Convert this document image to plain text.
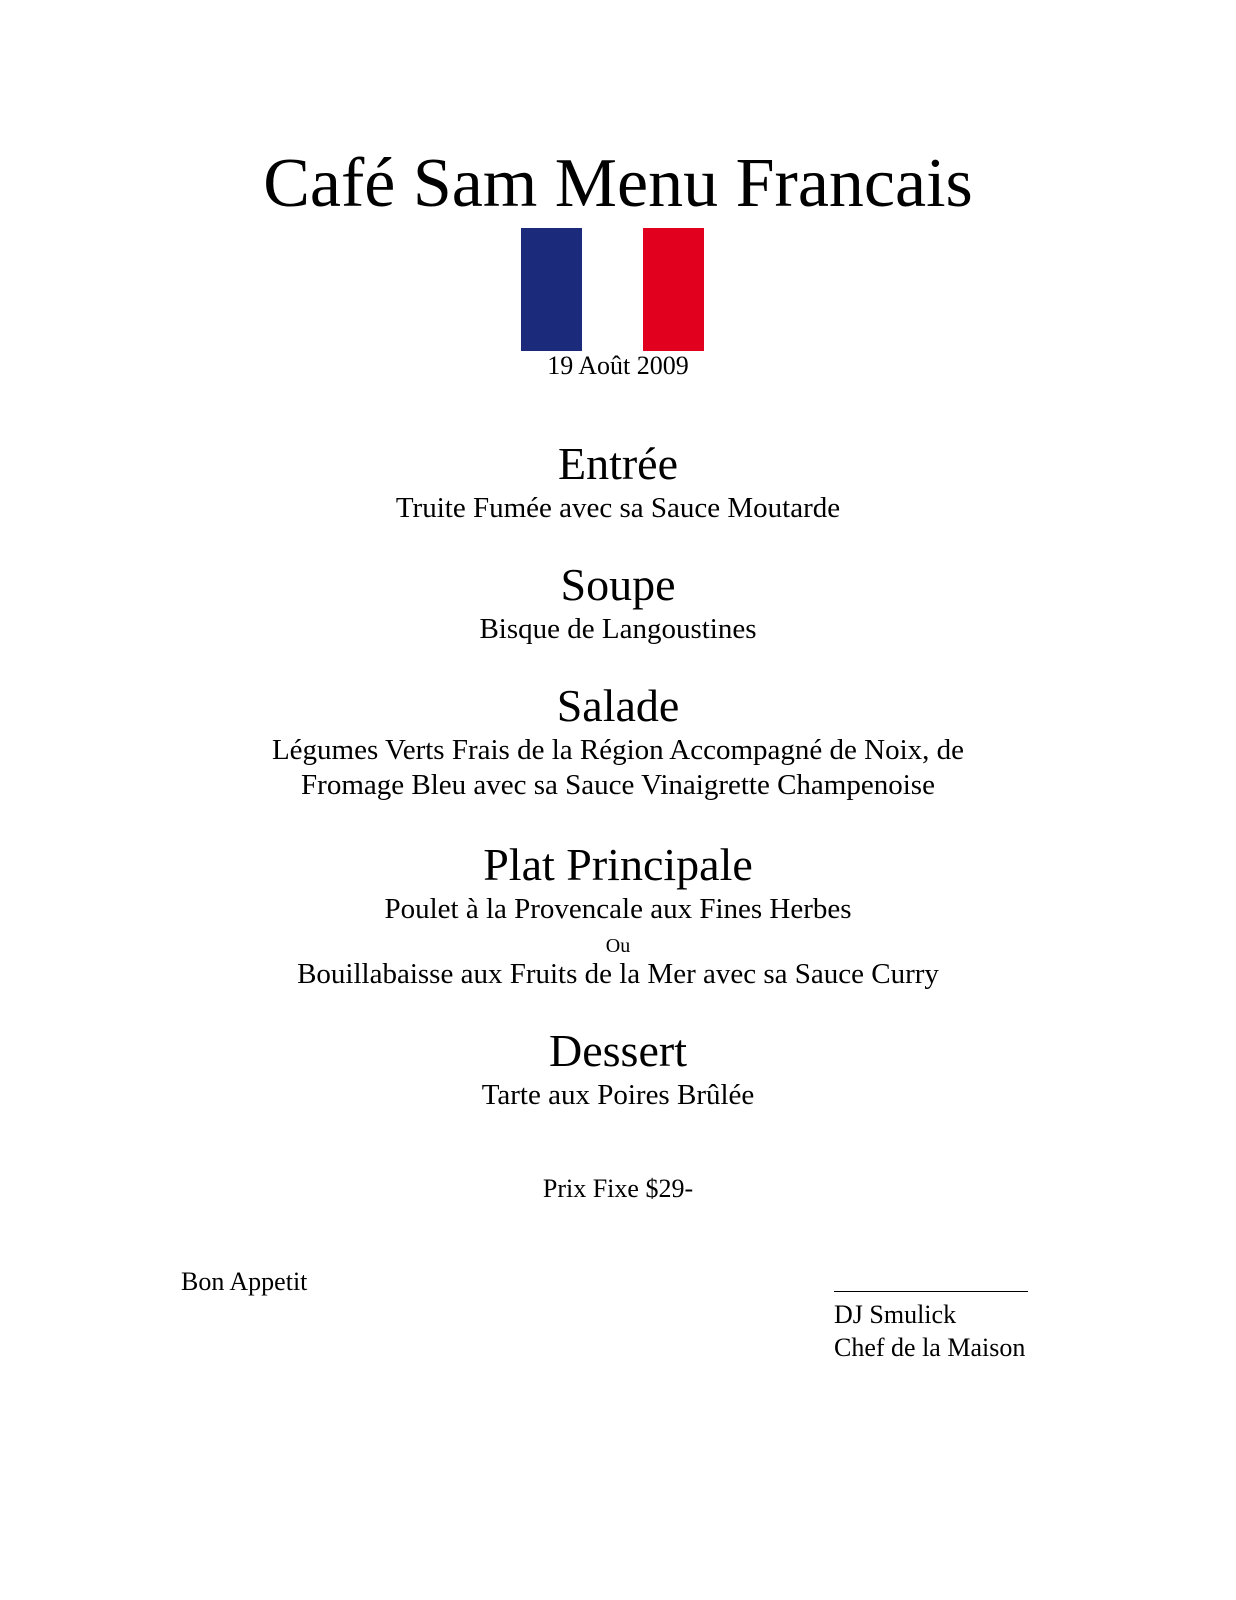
Café Sam Menu Francais
19 Août 2009
Entrée
Truite Fumée avec sa Sauce Moutarde
Soupe
Bisque de Langoustines
Salade
Légumes Verts Frais de la Région Accompagné de Noix, de
Fromage Bleu avec sa Sauce Vinaigrette Champenoise
Plat Principale
Poulet à la Provencale aux Fines Herbes
Ou
Bouillabaisse aux Fruits de la Mer avec sa Sauce Curry
Dessert
Tarte aux Poires Brûlée
Prix Fixe $29-
Bon Appetit
DJ Smulick
Chef de la Maison
